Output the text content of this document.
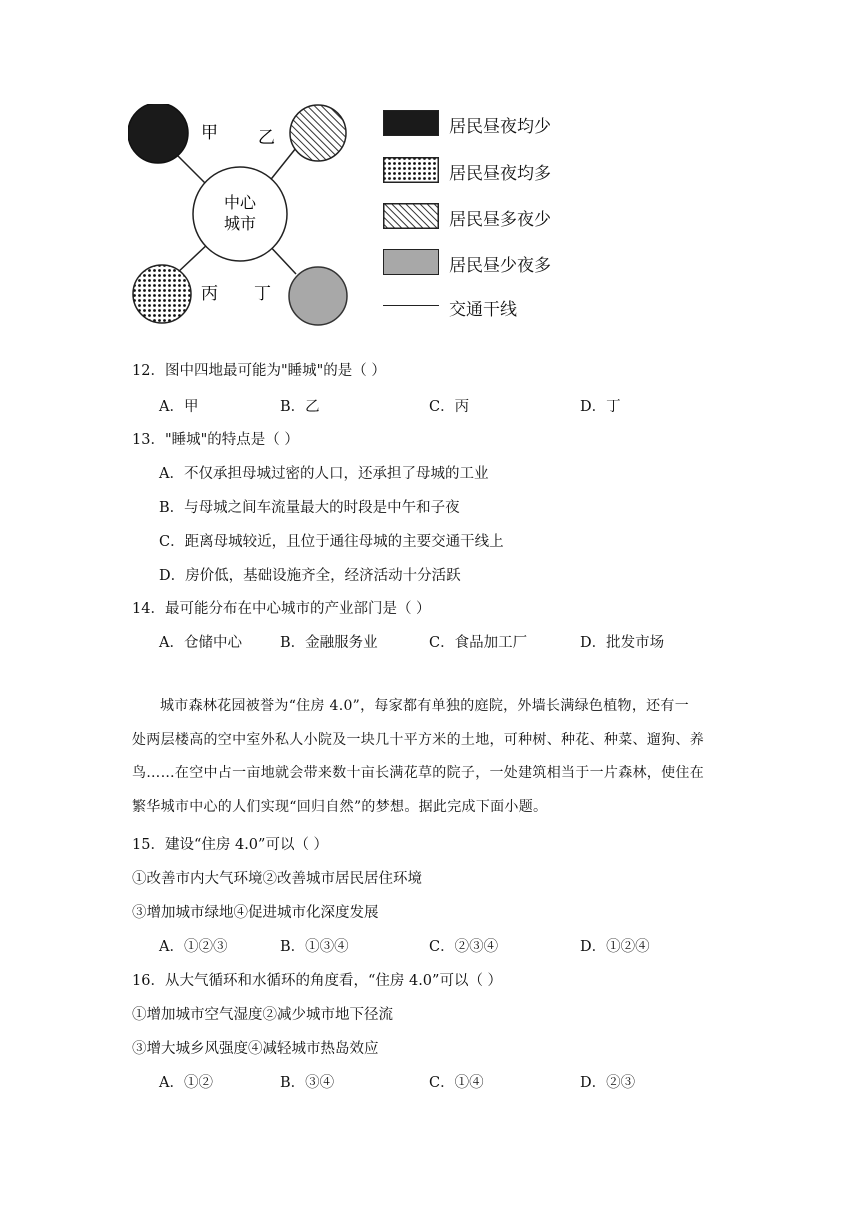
中心
城市
甲 乙
丙 丁
居民昼夜均少
居民昼夜均多
居民昼多夜少
居民昼少夜多
交通干线
12．图中四地最可能为"睡城"的是（ ）
A．甲	B．乙	C．丙	D．丁
13．"睡城"的特点是（ ）
A．不仅承担母城过密的人口，还承担了母城的工业
B．与母城之间车流量最大的时段是中午和子夜
C．距离母城较近，且位于通往母城的主要交通干线上
D．房价低，基础设施齐全，经济活动十分活跃
14．最可能分布在中心城市的产业部门是（ ）
A．仓储中心	B．金融服务业	C．食品加工厂	D．批发市场
城市森林花园被誉为“住房 4.0”，每家都有单独的庭院，外墙长满绿色植物，还有一
处两层楼高的空中室外私人小院及一块几十平方米的土地，可种树、种花、种菜、遛狗、养
鸟……在空中占一亩地就会带来数十亩长满花草的院子，一处建筑相当于一片森林，使住在
繁华城市中心的人们实现“回归自然”的梦想。据此完成下面小题。
15．建设“住房 4.0”可以（ ）
①改善市内大气环境②改善城市居民居住环境
③增加城市绿地④促进城市化深度发展
A．①②③	B．①③④	C．②③④	D．①②④
16．从大气循环和水循环的角度看，“住房 4.0”可以（ ）
①增加城市空气湿度②减少城市地下径流
③增大城乡风强度④减轻城市热岛效应
A．①②	B．③④	C．①④	D．②③
